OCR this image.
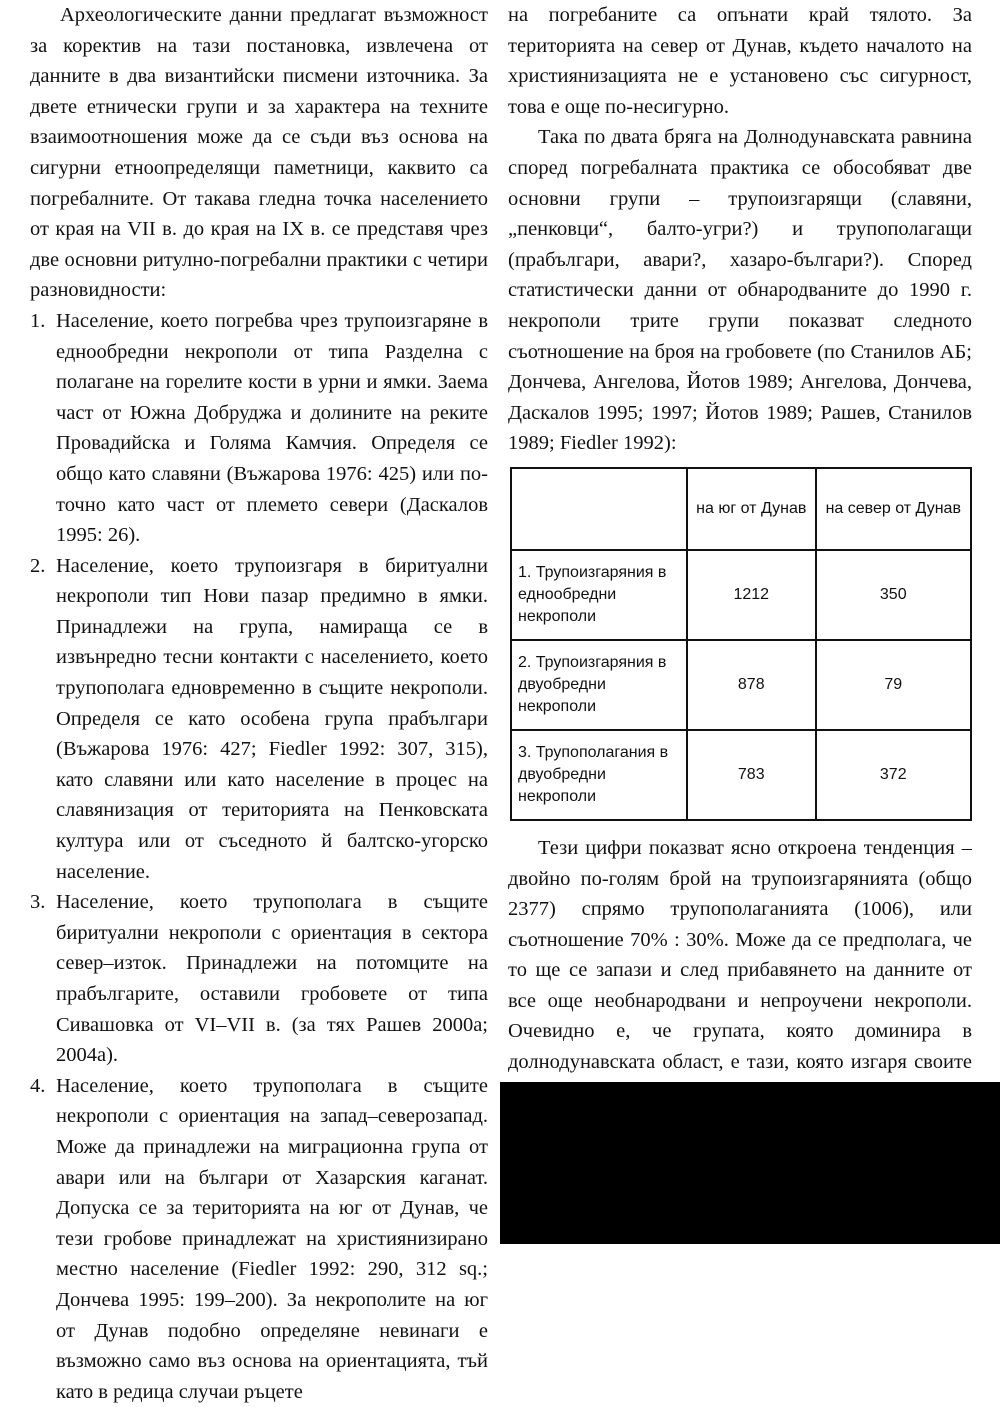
Археологическите данни предлагат възможност за коректив на тази постановка, извлечена от данните в два византийски писмени източника. За двете етнически групи и за характера на техните взаимоотношения може да се съди въз основа на сигурни етноопределящи паметници, каквито са погребалните. От такава гледна точка населението от края на VII в. до края на IX в. се представя чрез две основни ритулно-погребални практики с четири разновидности:

1. Население, което погребва чрез трупоизгаряне в еднообредни некрополи от типа Разделна с полагане на горелите кости в урни и ямки. Заема част от Южна Добруджа и долините на реките Провадийска и Голяма Камчия. Определя се общо като славяни (Въжарова 1976: 425) или по-точно като част от племето севери (Даскалов 1995: 26).
2. Население, което трупоизгаря в биритуални некрополи тип Нови пазар предимно в ямки. Принадлежи на група, намираща се в извънредно тесни контакти с населението, което трупополага едновременно в същите некрополи. Определя се като особена група прабългари (Въжарова 1976: 427; Fiedler 1992: 307, 315), като славяни или като население в процес на славянизация от територията на Пенковската култура или от съседното й балтско-угорско население.
3. Население, което трупополага в същите биритуални некрополи с ориентация в сектора север–изток. Принадлежи на потомците на прабългарите, оставили гробовете от типа Сивашовка от VI–VII в. (за тях Рашев 2000а; 2004а).
4. Население, което трупополага в същите некрополи с ориентация на запад–северозапад. Може да принадлежи на миграционна група от авари или на българи от Хазарския каганат. Допуска се за територията на юг от Дунав, че тези гробове принадлежат на християнизирано местно население (Fiedler 1992: 290, 312 sq.; Дончева 1995: 199–200). За некрополите на юг от Дунав подобно определяне невинаги е възможно само въз основа на ориентацията, тъй като в редица случаи ръцете

на погребаните са опънати край тялото. За територията на север от Дунав, където началото на християнизацията не е установено със сигурност, това е още по-несигурно.

Така по двата бряга на Долнодунавската равнина според погребалната практика се обособяват две основни групи – трупоизгарящи (славяни, „пенковци“, балто-угри?) и трупополагащи (прабългари, авари?, хазаро-българи?). Според статистически данни от обнародваните до 1990 г. некрополи трите групи показват следното съотношение на броя на гробовете (по Станилов АБ; Дончева, Ангелова, Йотов 1989; Ангелова, Дончева, Даскалов 1995; 1997; Йотов 1989; Рашев, Станилов 1989; Fiedler 1992):

	на юг от Дунав	на север от Дунав
1. Трупоизгаряния в еднообредни некрополи	1212	350
2. Трупоизгаряния в двуобредни некрополи	878	79
3. Трупополагания в двуобредни некрополи	783	372

Тези цифри показват ясно откроена тенденция – двойно по-голям брой на трупоизгарянията (общо 2377) спрямо трупополаганията (1006), или съотношение 70% : 30%. Може да се предполага, че то ще се запази и след прибавянето на данните от все още необнародвани и непроучени некрополи. Очевидно е, че групата, която доминира в долнодунавската област, е тази, която изгаря своите
